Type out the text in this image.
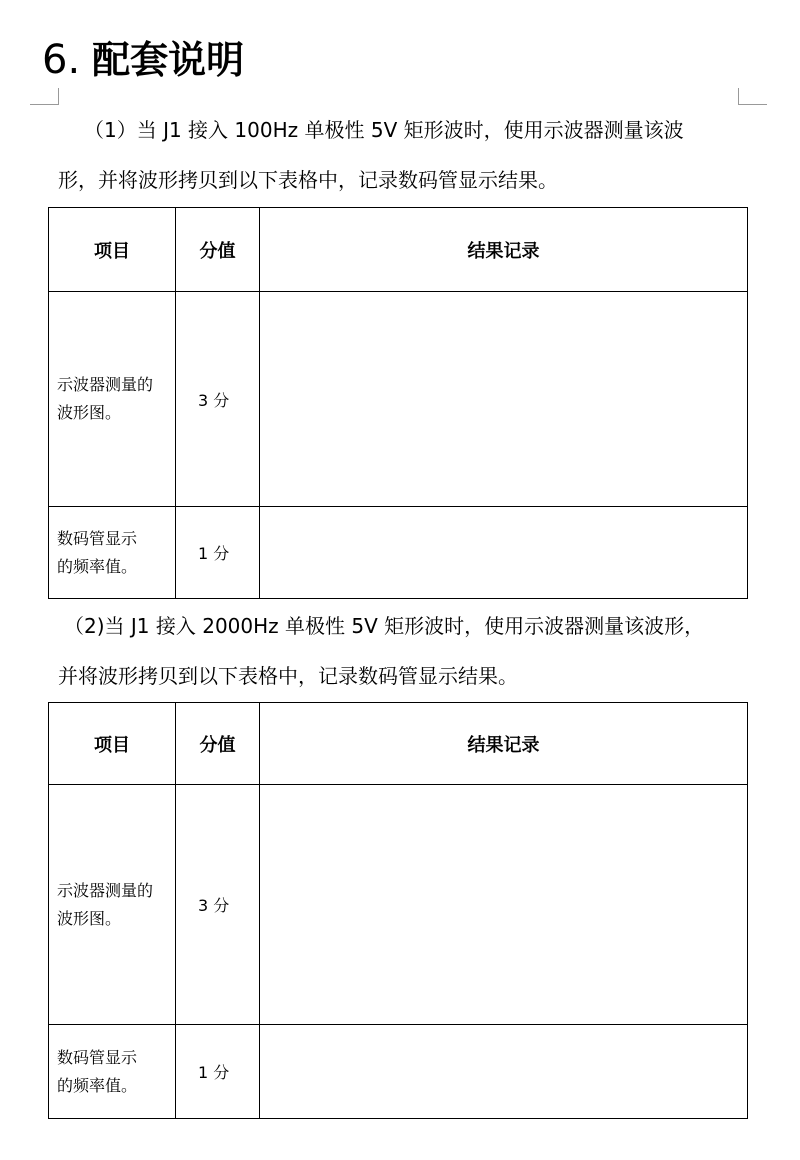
6 . 配套说明
（1）当 J1 接入 100Hz 单极性 5V 矩形波时，使用示波器测量该波
形，并将波形拷贝到以下表格中，记录数码管显示结果。
项目	分值	结果记录

示波器测量的
波形图。	3 分	

数码管显示
的频率值。	1 分	
（2)当 J1 接入 2000Hz 单极性 5V 矩形波时，使用示波器测量该波形，
并将波形拷贝到以下表格中，记录数码管显示结果。
项目	分值	结果记录

示波器测量的
波形图。	3 分	

数码管显示
的频率值。	1 分	
